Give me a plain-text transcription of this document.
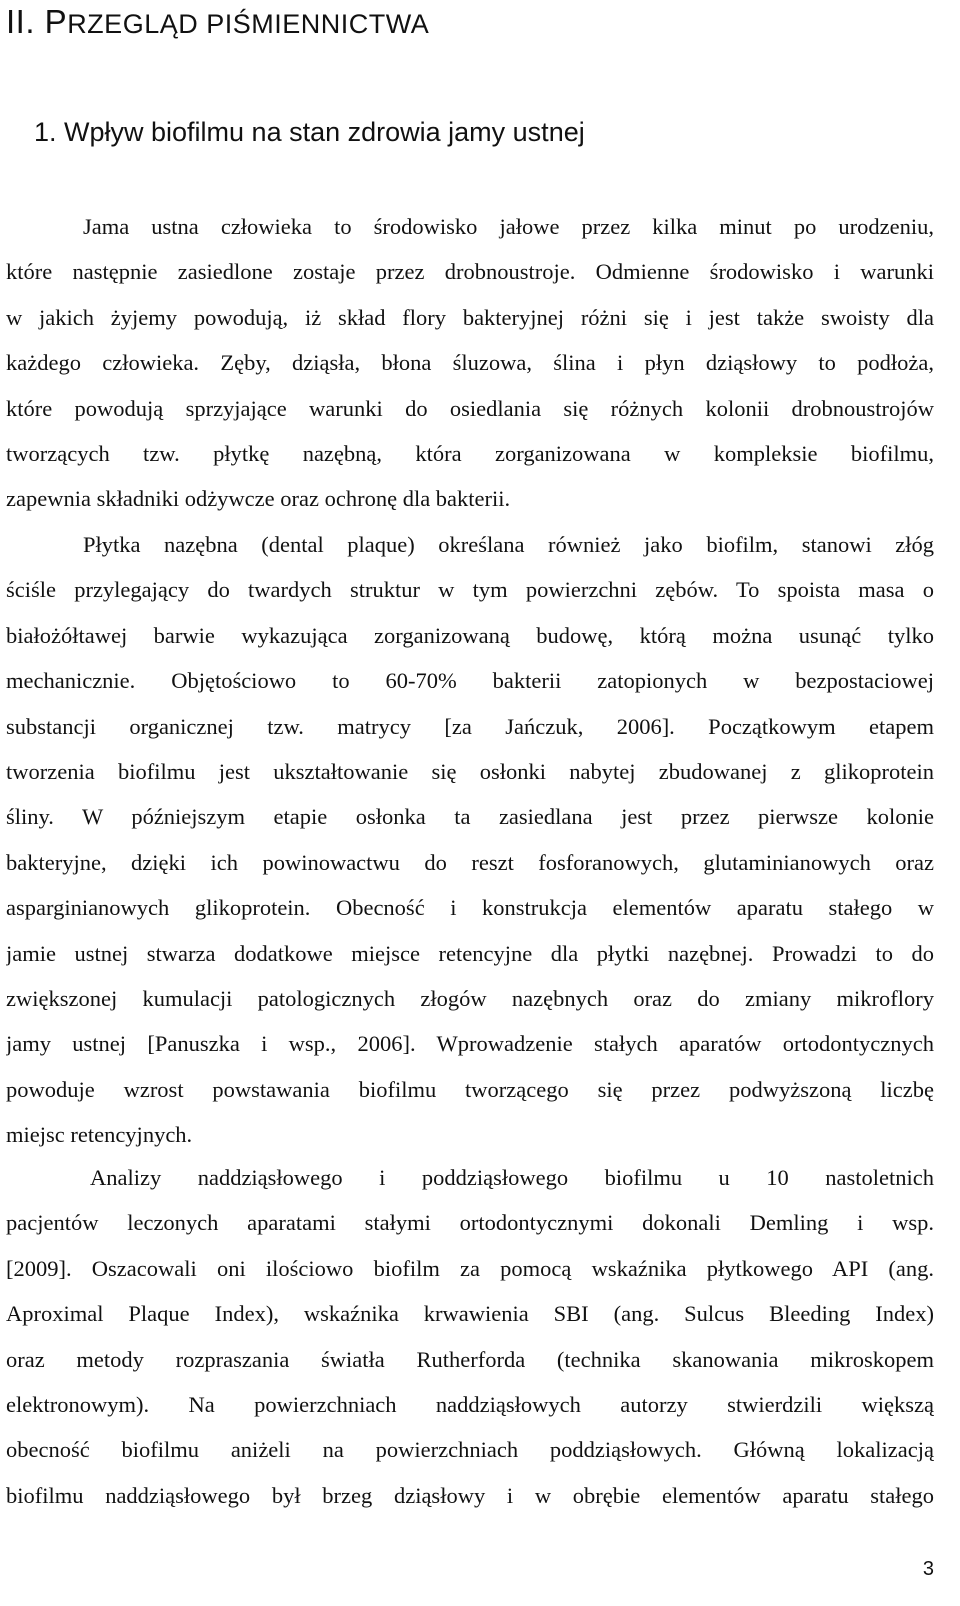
II. PRZEGLĄD PIŚMIENNICTWA
1. Wpływ biofilmu na stan zdrowia jamy ustnej
Jama ustna człowieka to środowisko jałowe przez kilka minut po urodzeniu,
które następnie zasiedlone zostaje przez drobnoustroje. Odmienne środowisko i warunki
w jakich żyjemy powodują, iż skład flory bakteryjnej różni się i jest także swoisty dla
każdego człowieka. Zęby, dziąsła, błona śluzowa, ślina i płyn dziąsłowy to podłoża,
które powodują sprzyjające warunki do osiedlania się różnych kolonii drobnoustrojów
tworzących tzw. płytkę nazębną, która zorganizowana w kompleksie biofilmu,
zapewnia składniki odżywcze oraz ochronę dla bakterii.
Płytka nazębna (dental plaque) określana również jako biofilm, stanowi złóg
ściśle przylegający do twardych struktur w tym powierzchni zębów. To spoista masa o
białożółtawej barwie wykazująca zorganizowaną budowę, którą można usunąć tylko
mechanicznie. Objętościowo to 60-70% bakterii zatopionych w bezpostaciowej
substancji organicznej tzw. matrycy [za Jańczuk, 2006]. Początkowym etapem
tworzenia biofilmu jest ukształtowanie się osłonki nabytej zbudowanej z glikoprotein
śliny. W późniejszym etapie osłonka ta zasiedlana jest przez pierwsze kolonie
bakteryjne, dzięki ich powinowactwu do reszt fosforanowych, glutaminianowych oraz
asparginianowych glikoprotein. Obecność i konstrukcja elementów aparatu stałego w
jamie ustnej stwarza dodatkowe miejsce retencyjne dla płytki nazębnej. Prowadzi to do
zwiększonej kumulacji patologicznych złogów nazębnych oraz do zmiany mikroflory
jamy ustnej [Panuszka i wsp., 2006]. Wprowadzenie stałych aparatów ortodontycznych
powoduje wzrost powstawania biofilmu tworzącego się przez podwyższoną liczbę
miejsc retencyjnych.
Analizy naddziąsłowego i poddziąsłowego biofilmu u 10 nastoletnich
pacjentów leczonych aparatami stałymi ortodontycznymi dokonali Demling i wsp.
[2009]. Oszacowali oni ilościowo biofilm za pomocą wskaźnika płytkowego API (ang.
Aproximal Plaque Index), wskaźnika krwawienia SBI (ang. Sulcus Bleeding Index)
oraz metody rozpraszania światła Rutherforda (technika skanowania mikroskopem
elektronowym). Na powierzchniach naddziąsłowych autorzy stwierdzili większą
obecność biofilmu aniżeli na powierzchniach poddziąsłowych. Główną lokalizacją
biofilmu naddziąsłowego był brzeg dziąsłowy i w obrębie elementów aparatu stałego
3
